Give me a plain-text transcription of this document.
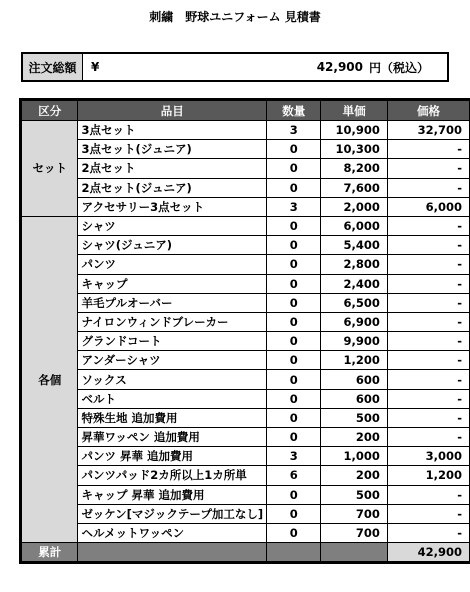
刺繍　野球ユニフォーム 見積書
注文総額	¥	42,900 円（税込）
区分	品目	数量	単価	価格
セット	3点セット	3	10,900	32,700
	3点セット(ジュニア)	0	10,300	-
	2点セット	0	8,200	-
	2点セット(ジュニア)	0	7,600	-
	アクセサリー3点セット	3	2,000	6,000
各個	シャツ	0	6,000	-
	シャツ(ジュニア)	0	5,400	-
	パンツ	0	2,800	-
	キャップ	0	2,400	-
	羊毛プルオーバー	0	6,500	-
	ナイロンウィンドブレーカー	0	6,900	-
	グランドコート	0	9,900	-
	アンダーシャツ	0	1,200	-
	ソックス	0	600	-
	ベルト	0	600	-
	特殊生地 追加費用	0	500	-
	昇華ワッペン 追加費用	0	200	-
	パンツ 昇華 追加費用	3	1,000	3,000
	パンツパッド2カ所以上1カ所単	6	200	1,200
	キャップ 昇華 追加費用	0	500	-
	ゼッケン[マジックテープ加工なし]	0	700	-
	ヘルメットワッペン	0	700	-
累計				42,900
